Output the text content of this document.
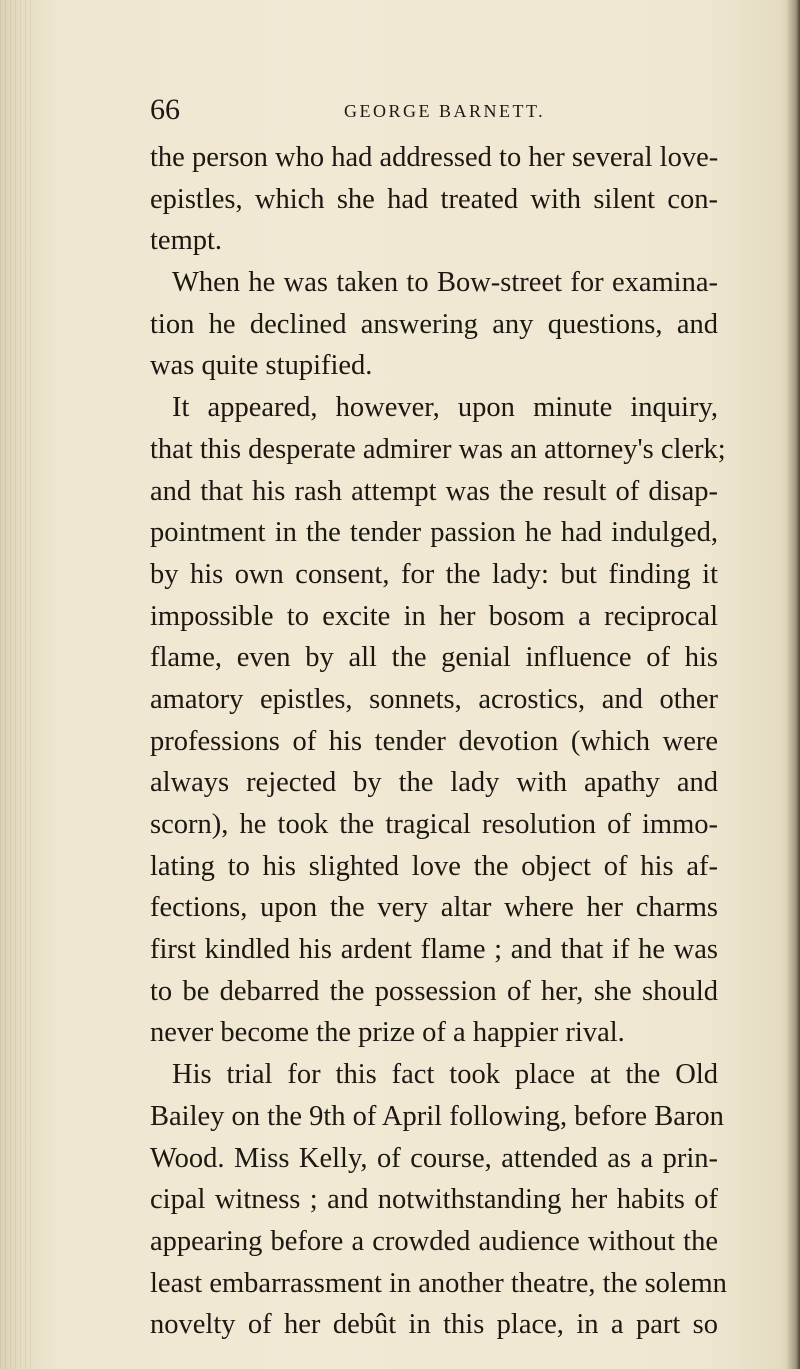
66	GEORGE BARNETT.
the person who had addressed to her several love-
epistles, which she had treated with silent con-
tempt.
When he was taken to Bow-street for examina-
tion he declined answering any questions, and
was quite stupified.
It appeared, however, upon minute inquiry,
that this desperate admirer was an attorney's clerk;
and that his rash attempt was the result of disap-
pointment in the tender passion he had indulged,
by his own consent, for the lady: but finding it
impossible to excite in her bosom a reciprocal
flame, even by all the genial influence of his
amatory epistles, sonnets, acrostics, and other
professions of his tender devotion (which were
always rejected by the lady with apathy and
scorn), he took the tragical resolution of immo-
lating to his slighted love the object of his af-
fections, upon the very altar where her charms
first kindled his ardent flame ; and that if he was
to be debarred the possession of her, she should
never become the prize of a happier rival.
His trial for this fact took place at the Old
Bailey on the 9th of April following, before Baron
Wood. Miss Kelly, of course, attended as a prin-
cipal witness ; and notwithstanding her habits of
appearing before a crowded audience without the
least embarrassment in another theatre, the solemn
novelty of her debût in this place, in a part so
